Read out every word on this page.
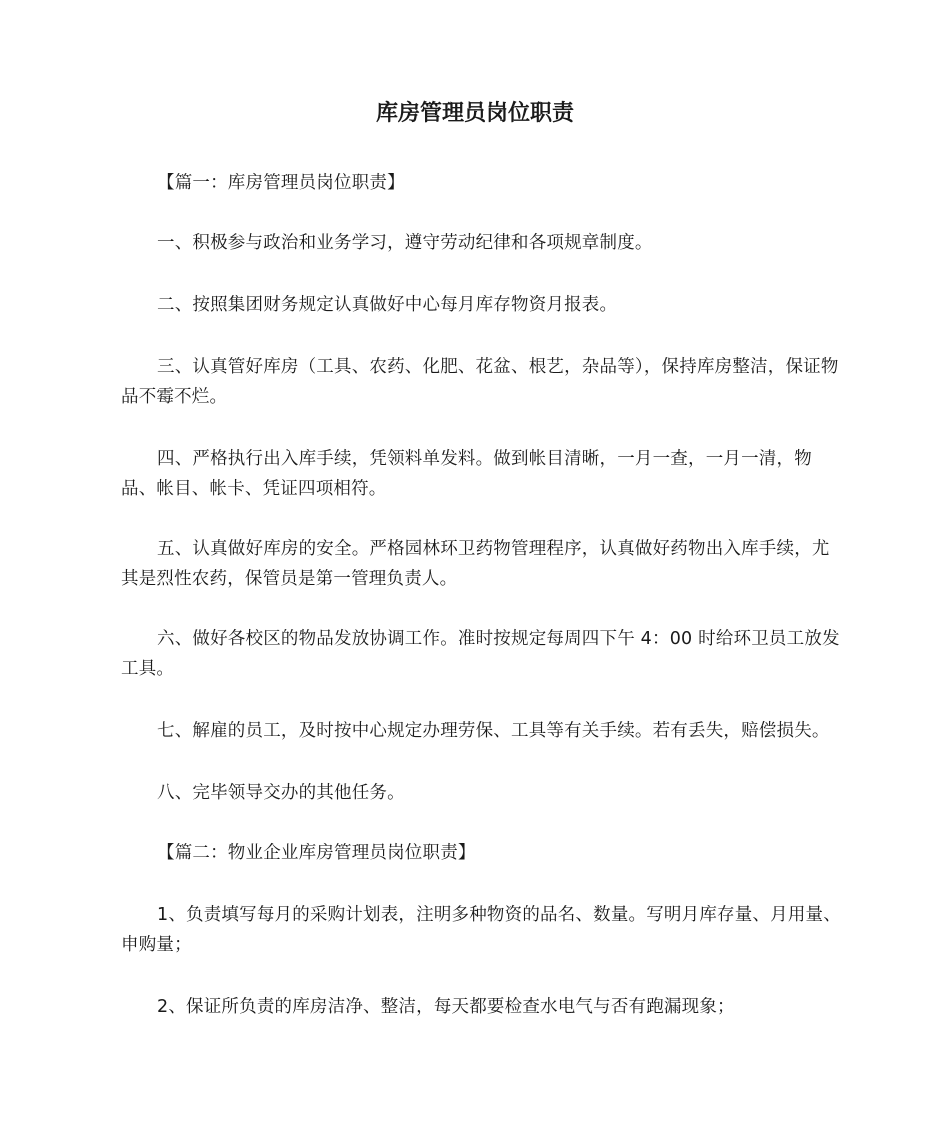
库房管理员岗位职责

【篇一：库房管理员岗位职责】

一、积极参与政治和业务学习，遵守劳动纪律和各项规章制度。

二、按照集团财务规定认真做好中心每月库存物资月报表。

三、认真管好库房（工具、农药、化肥、花盆、根艺，杂品等），保持库房整洁，保证物品不霉不烂。

四、严格执行出入库手续，凭领料单发料。做到帐目清晰，一月一查，一月一清，物品、帐目、帐卡、凭证四项相符。

五、认真做好库房的安全。严格园林环卫药物管理程序，认真做好药物出入库手续，尤其是烈性农药，保管员是第一管理负责人。

六、做好各校区的物品发放协调工作。准时按规定每周四下午 4：00 时给环卫员工放发工具。

七、解雇的员工，及时按中心规定办理劳保、工具等有关手续。若有丢失，赔偿损失。

八、完毕领导交办的其他任务。

【篇二：物业企业库房管理员岗位职责】

1、负责填写每月的采购计划表，注明多种物资的品名、数量。写明月库存量、月用量、申购量；

2、保证所负责的库房洁净、整洁，每天都要检查水电气与否有跑漏现象；
